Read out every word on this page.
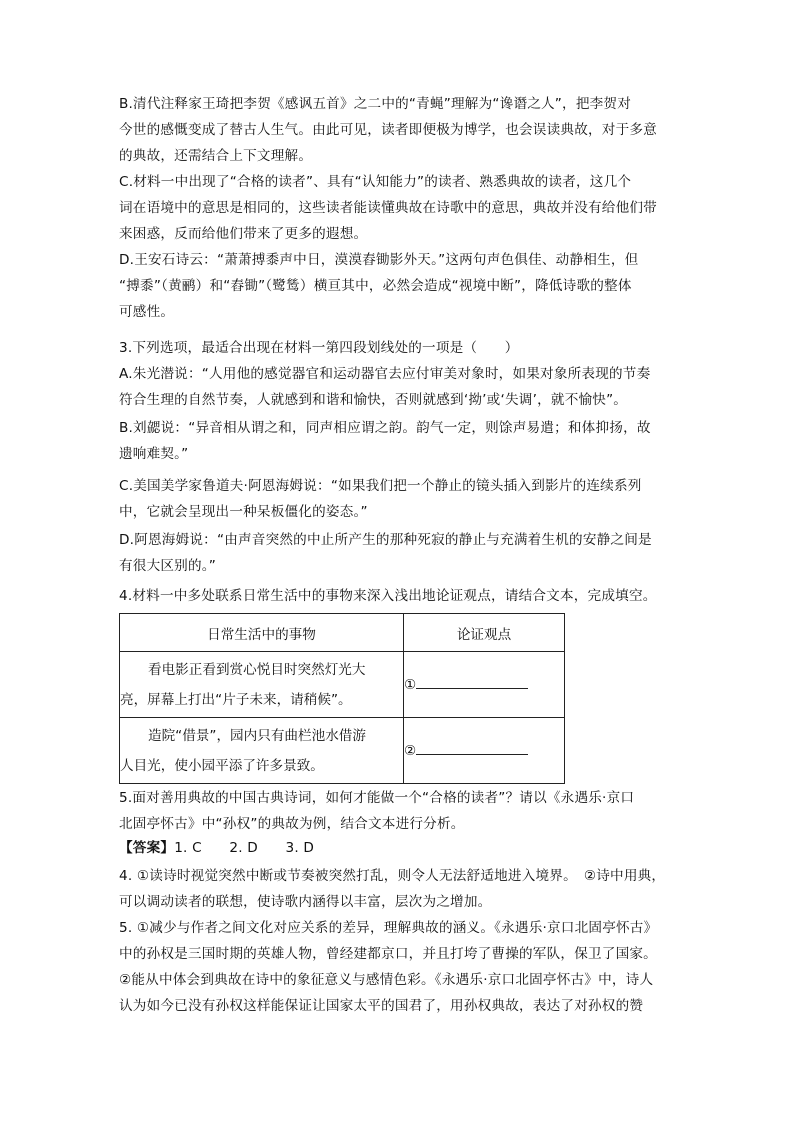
B.清代注释家王琦把李贺《感讽五首》之二中的“青蝇”理解为“谗谮之人”，把李贺对
今世的感慨变成了替古人生气。由此可见，读者即便极为博学，也会误读典故，对于多意
的典故，还需结合上下文理解。
C.材料一中出现了“合格的读者”、具有“认知能力”的读者、熟悉典故的读者，这几个
词在语境中的意思是相同的，这些读者能读懂典故在诗歌中的意思，典故并没有给他们带
来困惑，反而给他们带来了更多的遐想。
D.王安石诗云：“萧萧搏黍声中日，漠漠舂锄影外天。”这两句声色俱佳、动静相生，但
“搏黍”（黄鹂）和“舂锄”（鹭鸶）横亘其中，必然会造成“视境中断”，降低诗歌的整体
可感性。
3.下列选项，最适合出现在材料一第四段划线处的一项是（　　）
A.朱光潜说：“人用他的感觉器官和运动器官去应付审美对象时，如果对象所表现的节奏
符合生理的自然节奏，人就感到和谐和愉快，否则就感到‘拗’或‘失调’，就不愉快”。
B.刘勰说：“异音相从谓之和，同声相应谓之韵。韵气一定，则馀声易遣；和体抑扬，故
遗响难契。”
C.美国美学家鲁道夫·阿恩海姆说：“如果我们把一个静止的镜头插入到影片的连续系列
中，它就会呈现出一种呆板僵化的姿态。”
D.阿恩海姆说：“由声音突然的中止所产生的那种死寂的静止与充满着生机的安静之间是
有很大区别的。”
4.材料一中多处联系日常生活中的事物来深入浅出地论证观点，请结合文本，完成填空。
日常生活中的事物	论证观点

看电影正看到赏心悦目时突然灯光大
亮，屏幕上打出“片子未来，请稍候”。	①

造院“借景”，园内只有曲栏池水借游
人目光，使小园平添了许多景致。	②
5.面对善用典故的中国古典诗词，如何才能做一个“合格的读者”？请以《永遇乐·京口
北固亭怀古》中“孙权”的典故为例，结合文本进行分析。
【答案】1. C　　2. D　　3. D
4. ①读诗时视觉突然中断或节奏被突然打乱，则令人无法舒适地进入境界。　②诗中用典，
可以调动读者的联想，使诗歌内涵得以丰富，层次为之增加。
5. ①减少与作者之间文化对应关系的差异，理解典故的涵义。《永遇乐·京口北固亭怀古》
中的孙权是三国时期的英雄人物，曾经建都京口，并且打垮了曹操的军队，保卫了国家。
②能从中体会到典故在诗中的象征意义与感情色彩。《永遇乐·京口北固亭怀古》中，诗人
认为如今已没有孙权这样能保证让国家太平的国君了，用孙权典故，表达了对孙权的赞
